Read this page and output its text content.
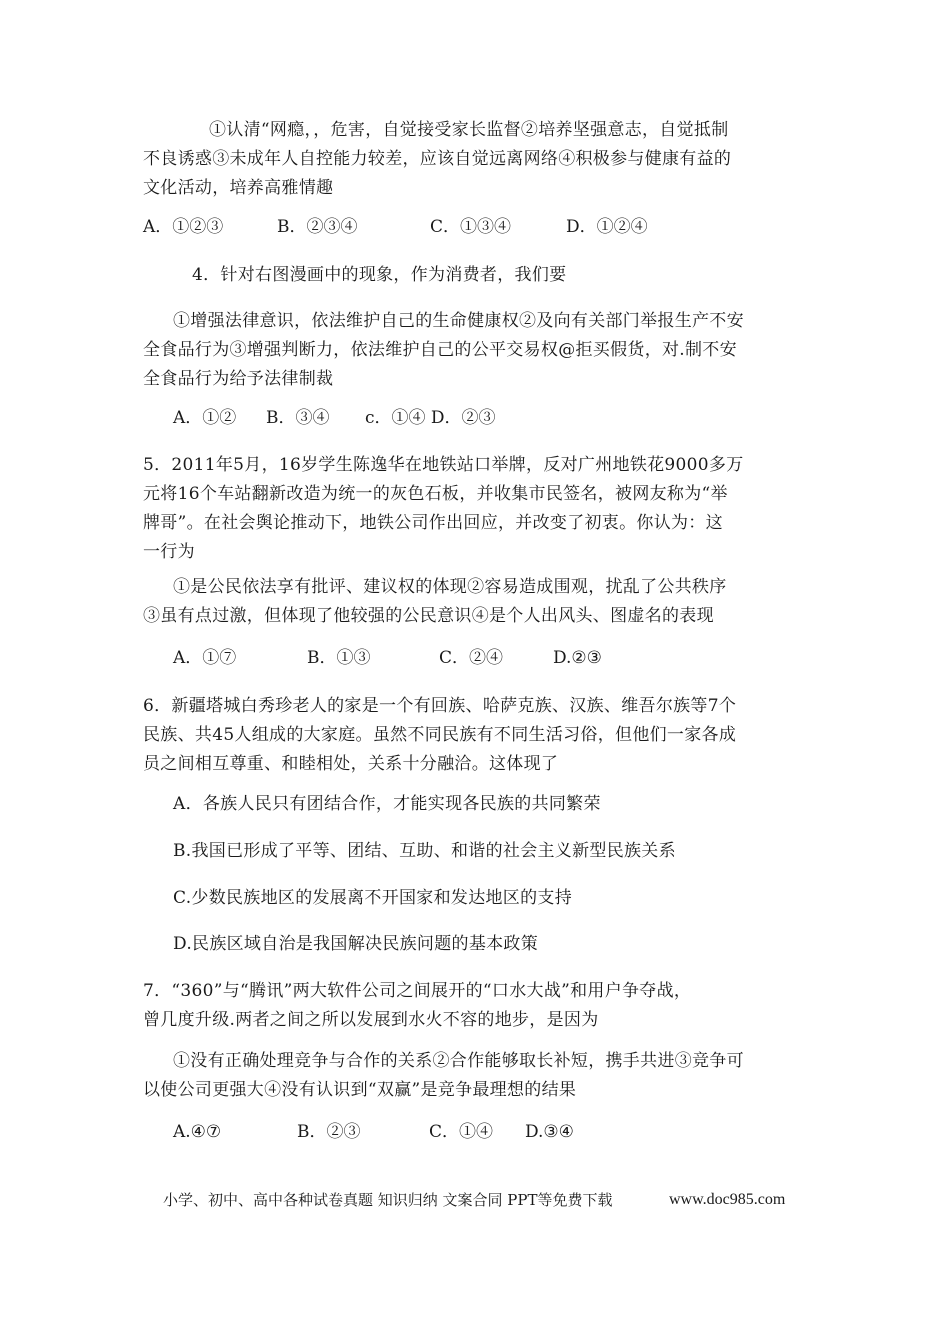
①认清“网瘾，，危害，自觉接受家长监督②培养坚强意志，自觉抵制
不良诱惑③未成年人自控能力较差，应该自觉远离网络④积极参与健康有益的
文化活动，培养高雅情趣
A．①②③	B．②③④	C．①③④	D．①②④
4．针对右图漫画中的现象，作为消费者，我们要
①增强法律意识，依法维护自己的生命健康权②及向有关部门举报生产不安
全食品行为③增强判断力，依法维护自己的公平交易权@拒买假货，对.制不安
全食品行为给予法律制裁
A．①② B．③④ c．①④ D．②③
5．2011年5月，16岁学生陈逸华在地铁站口举牌，反对广州地铁花9000多万
元将16个车站翻新改造为统一的灰色石板，并收集市民签名，被网友称为“举
牌哥”。在社会舆论推动下，地铁公司作出回应，并改变了初衷。你认为：这
一行为
①是公民依法享有批评、建议权的体现②容易造成围观，扰乱了公共秩序
③虽有点过激，但体现了他较强的公民意识④是个人出风头、图虚名的表现
A．①⑦	B．①③	C．②④	D.②③
6．新疆塔城白秀珍老人的家是一个有回族、哈萨克族、汉族、维吾尔族等7个
民族、共45人组成的大家庭。虽然不同民族有不同生活习俗，但他们一家各成
员之间相互尊重、和睦相处，关系十分融洽。这体现了
A．各族人民只有团结合作，才能实现各民族的共同繁荣
B.我国已形成了平等、团结、互助、和谐的社会主义新型民族关系
C.少数民族地区的发展离不开国家和发达地区的支持
D.民族区域自治是我国解决民族问题的基本政策
7．“360”与“腾讯”两大软件公司之间展开的“口水大战”和用户争夺战，
曾几度升级.两者之间之所以发展到水火不容的地步，是因为
①没有正确处理竞争与合作的关系②合作能够取长补短，携手共进③竞争可
以使公司更强大④没有认识到“双赢”是竞争最理想的结果
A.④⑦	B．②③	C．①④ D.③④
小学、初中、高中各种试卷真题 知识归纳 文案合同 PPT等免费下载	www.doc985.com
